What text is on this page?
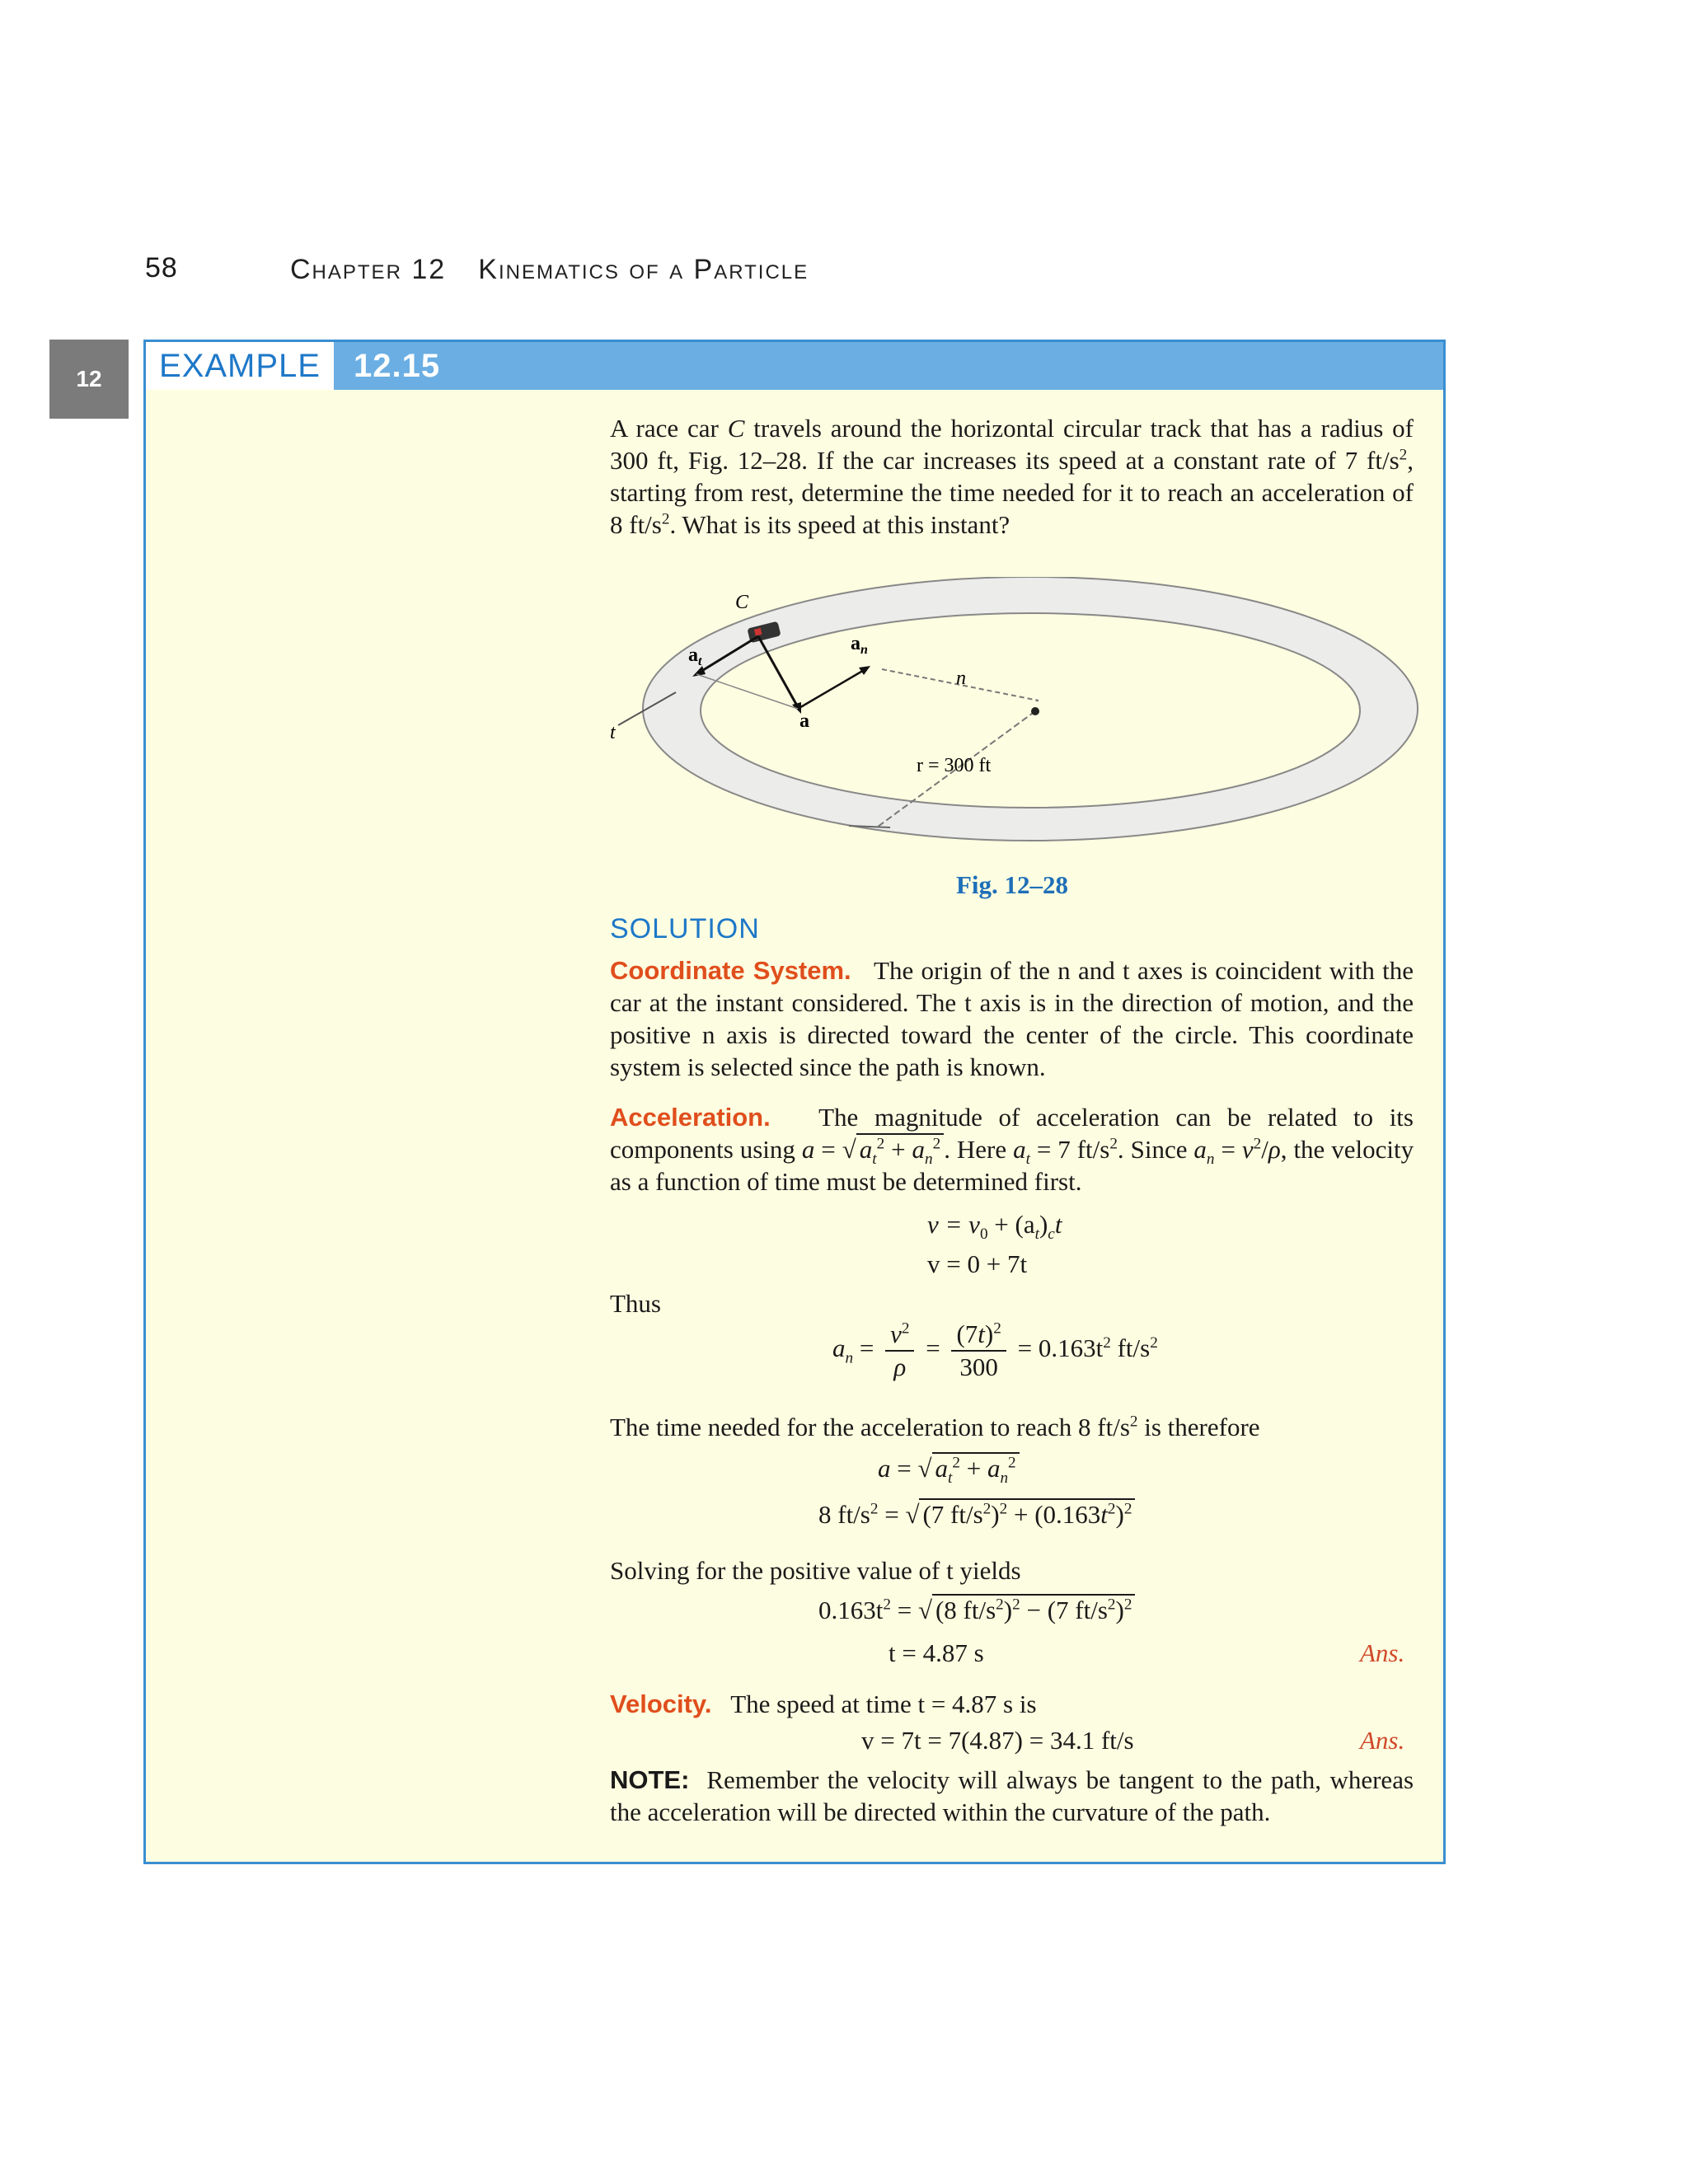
58	Chapter 12 Kinematics of a Particle
12	EXAMPLE	12.15
A race car C travels around the horizontal circular track that has a radius of 300 ft, Fig. 12–28. If the car increases its speed at a constant rate of 7 $ft/s^2$, starting from rest, determine the time needed for it to reach an acceleration of 8 $ft/s^2$. What is its speed at this instant?
C
$a_t$
$a_n$
a
n
t
r = 300 ft
Fig. 12–28
SOLUTION
Coordinate System. The origin of the n and t axes is coincident with the car at the instant considered. The t axis is in the direction of motion, and the positive n axis is directed toward the center of the circle. This coordinate system is selected since the path is known.
Acceleration. The magnitude of acceleration can be related to its components using a = √ $a_t^2 + a_n^2$ . Here $a_t = 7$ $ft/s^2$. Since $a_n = v^2/\rho$, the velocity as a function of time must be determined first.
$v = v_0 + (a_t)_ct$
v = 0 + 7t
Thus
$a_n = \frac{v^2}{\rho} = \frac{(7t)^2}{300} = 0.163t^2$ $ft/s^2$
The time needed for the acceleration to reach 8 $ft/s^2$ is therefore
a = √ $a_t^2 + a_n^2$
8 $ft/s^2$ = √ (7 $ft/s^2)^2 + (0.163t^2)^2$
Solving for the positive value of t yields
$0.163t^2$ = √ (8 $ft/s^2)^2 - (7$ $ft/s^2)^2$
t = 4.87 s	Ans.
Velocity. The speed at time t = 4.87 s is
v = 7t = 7(4.87) = 34.1 ft/s	Ans.
NOTE: Remember the velocity will always be tangent to the path, whereas the acceleration will be directed within the curvature of the path.
